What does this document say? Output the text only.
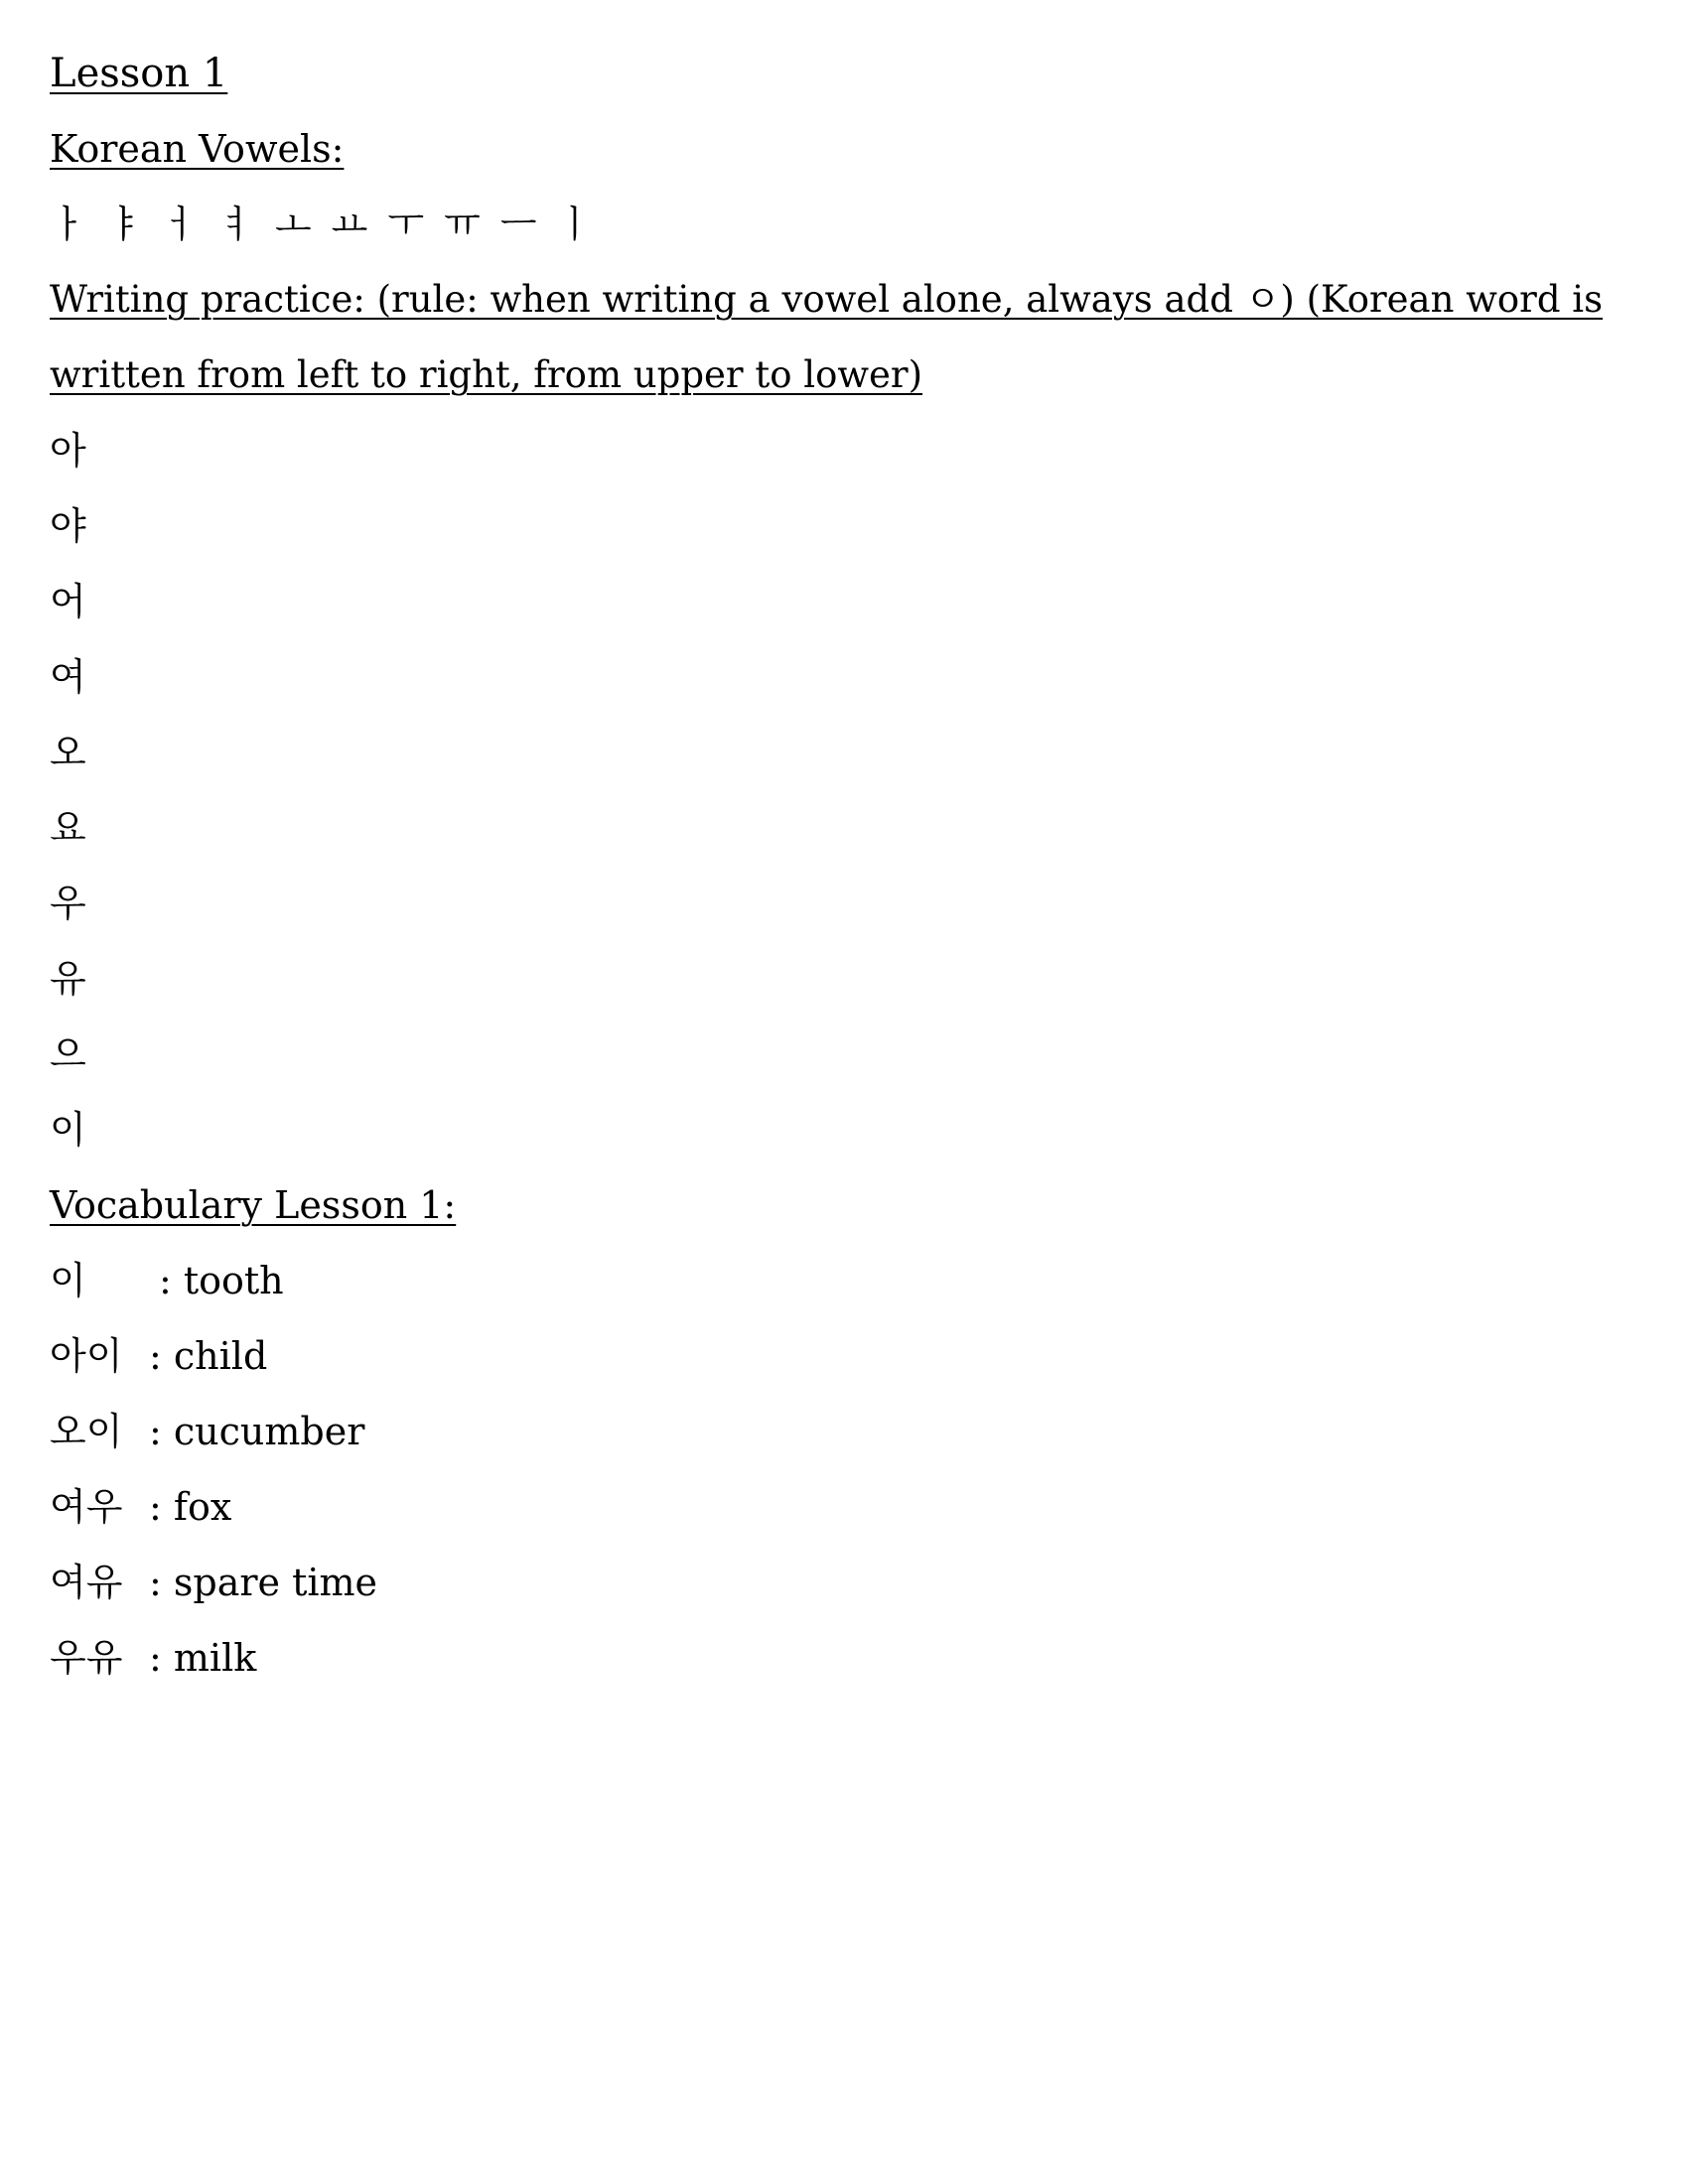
Lesson 1
Korean Vowels:
ㅏ ㅑ ㅓ ㅕ ㅗ ㅛ ㅜ ㅠ ㅡ ㅣ
Writing practice: (rule: when writing a vowel alone, always add ㅇ) (Korean word is
written from left to right, from upper to lower)
아
야
어
여
오
요
우
유
으
이
Vocabulary Lesson 1:
이 : tooth
아이 : child
오이 : cucumber
여우 : fox
여유 : spare time
우유 : milk
